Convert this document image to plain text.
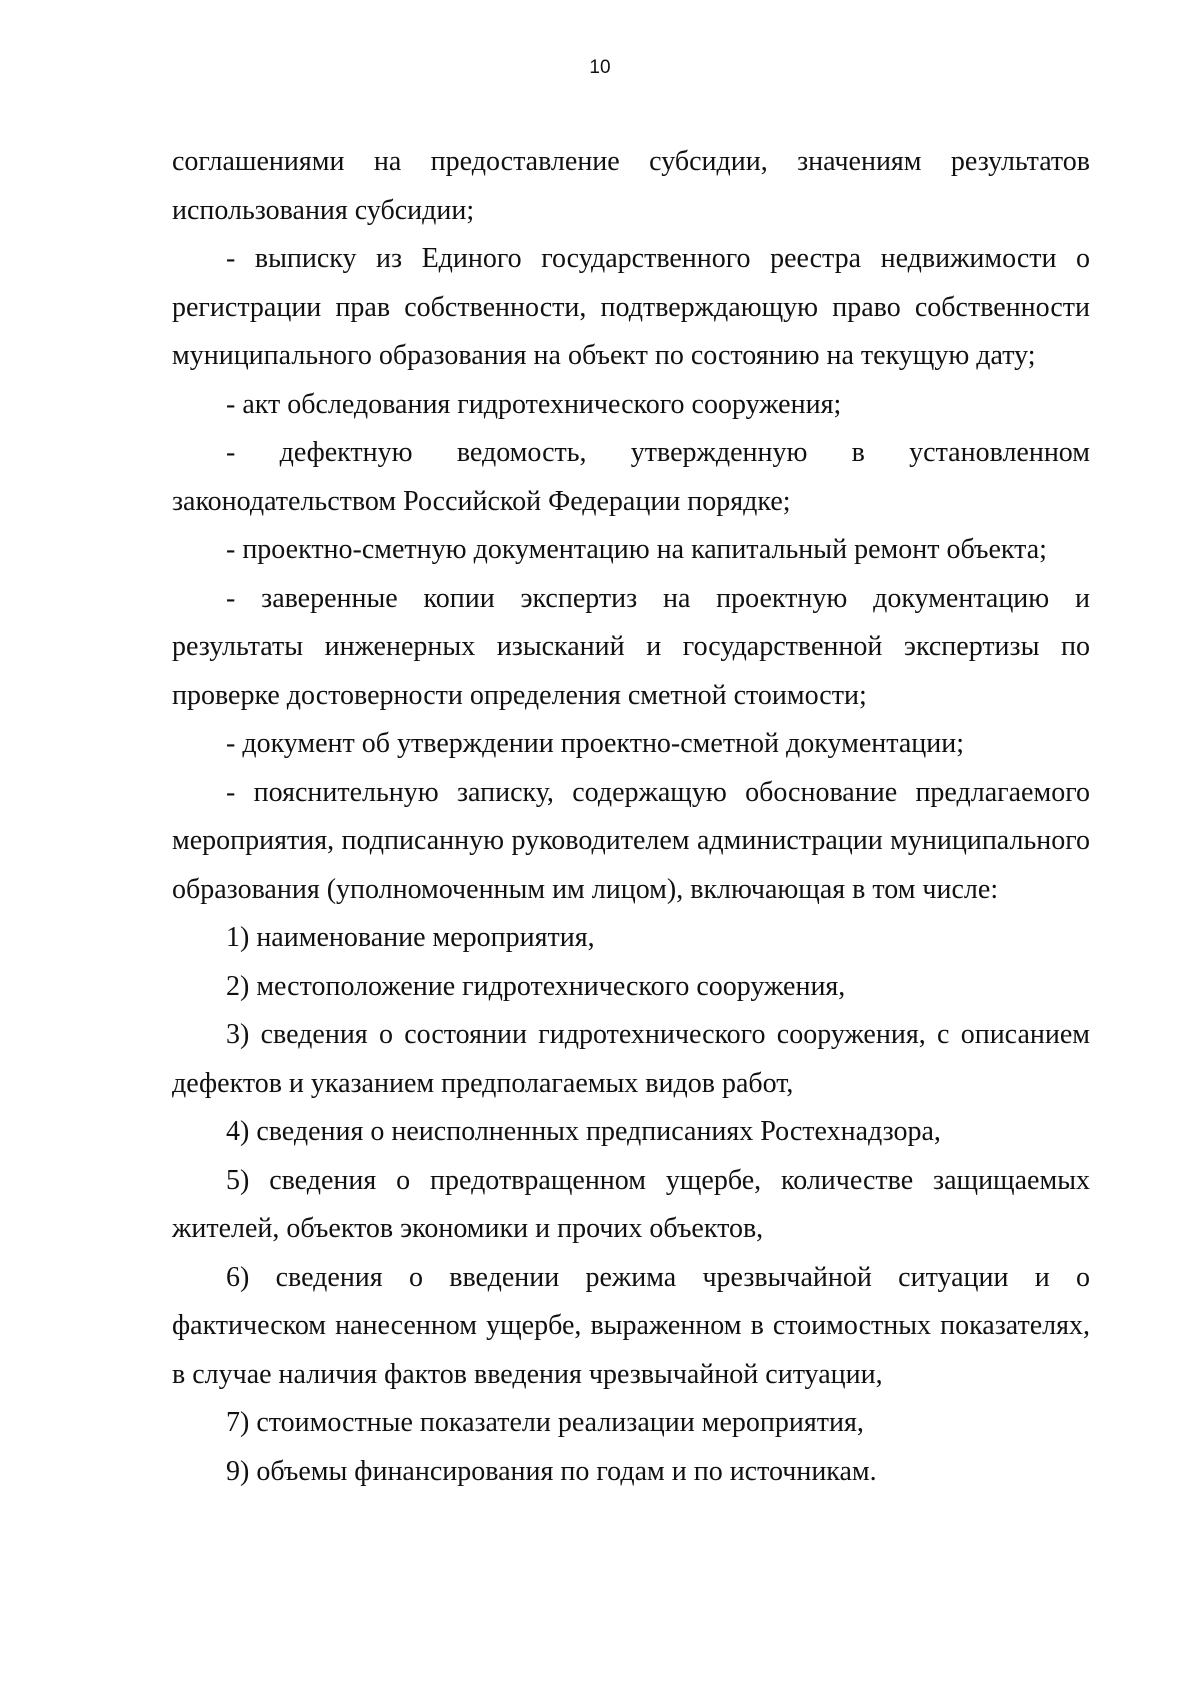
10

соглашениями на предоставление субсидии, значениям результатов использования субсидии;

- выписку из Единого государственного реестра недвижимости о регистрации прав собственности, подтверждающую право собственности муниципального образования на объект по состоянию на текущую дату;

- акт обследования гидротехнического сооружения;

- дефектную ведомость, утвержденную в установленном законодательством Российской Федерации порядке;

- проектно-сметную документацию на капитальный ремонт объекта;

- заверенные копии экспертиз на проектную документацию и результаты инженерных изысканий и государственной экспертизы по проверке достоверности определения сметной стоимости;

- документ об утверждении проектно-сметной документации;

- пояснительную записку, содержащую обоснование предлагаемого мероприятия, подписанную руководителем администрации муниципального образования (уполномоченным им лицом), включающая в том числе:

1) наименование мероприятия,

2) местоположение гидротехнического сооружения,

3) сведения о состоянии гидротехнического сооружения, с описанием дефектов и указанием предполагаемых видов работ,

4) сведения о неисполненных предписаниях Ростехнадзора,

5) сведения о предотвращенном ущербе, количестве защищаемых жителей, объектов экономики и прочих объектов,

6) сведения о введении режима чрезвычайной ситуации и о фактическом нанесенном ущербе, выраженном в стоимостных показателях, в случае наличия фактов введения чрезвычайной ситуации,

7) стоимостные показатели реализации мероприятия,

9) объемы финансирования по годам и по источникам.
